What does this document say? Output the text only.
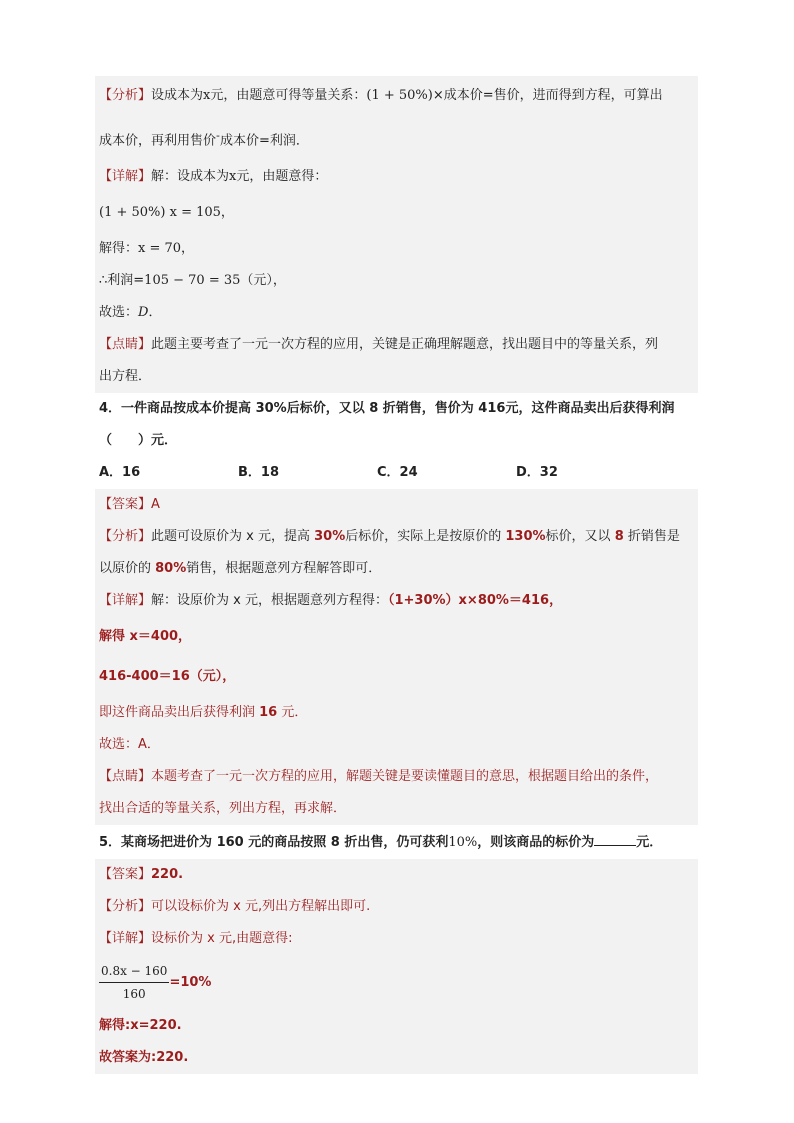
【分析】设成本为x元，由题意可得等量关系：(1 + 50%)×成本价=售价，进而得到方程，可算出
成本价，再利用售价-成本价=利润．
【详解】解：设成本为x元，由题意得：
(1 + 50%) x = 105，
解得：x = 70，
∴利润=105 − 70 = 35（元），
故选：D．
【点睛】此题主要考查了一元一次方程的应用，关键是正确理解题意，找出题目中的等量关系，列
出方程．
4．一件商品按成本价提高 30%后标价，又以 8 折销售，售价为 416元，这件商品卖出后获得利润
（　　）元．
A．16	B．18	C．24	D．32
【答案】A
【分析】此题可设原价为 x 元，提高 30%后标价，实际上是按原价的 130%标价，又以 8 折销售是
以原价的 80%销售，根据题意列方程解答即可．
【详解】解：设原价为 x 元，根据题意列方程得：（1+30%）x×80%＝416，
解得 x＝400，
416-400＝16（元），
即这件商品卖出后获得利润 16 元．
故选：A．
【点睛】本题考查了一元一次方程的应用，解题关键是要读懂题目的意思，根据题目给出的条件，
找出合适的等量关系，列出方程，再求解．
5．某商场把进价为 160 元的商品按照 8 折出售，仍可获利10%，则该商品的标价为	元．
【答案】220.
【分析】可以设标价为 x 元,列出方程解出即可.
【详解】设标价为 x 元,由题意得:
$\frac{0.8x - 160}{160} =10\%$
解得:x=220.
故答案为:220.
